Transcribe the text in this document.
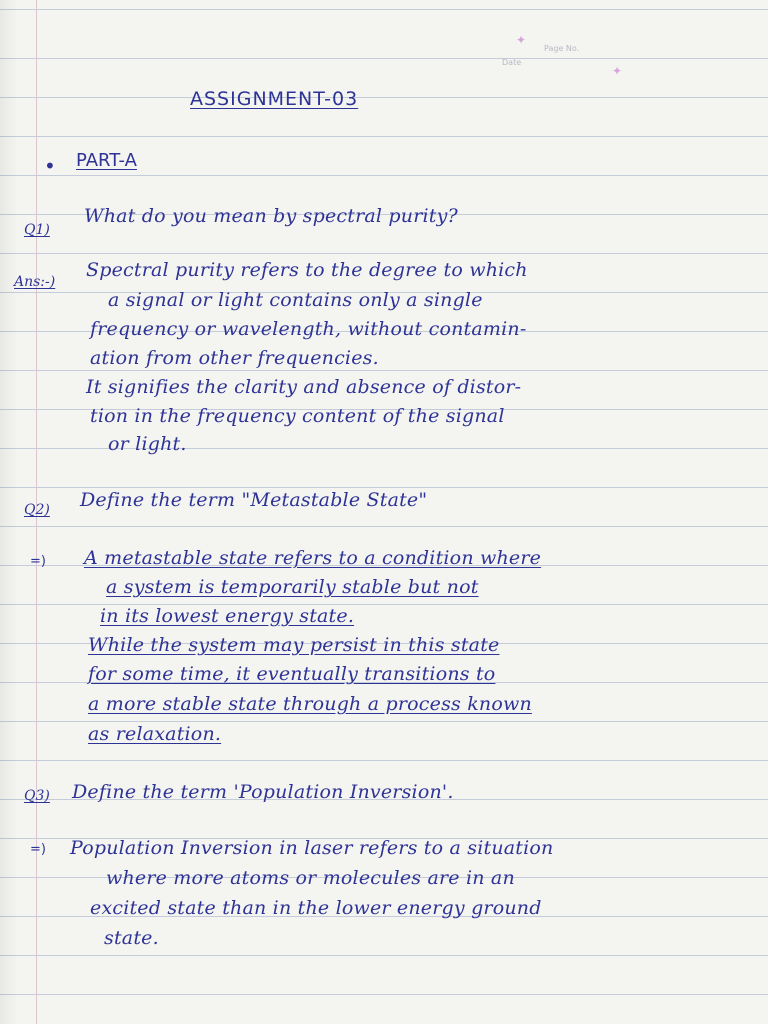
Page No.
Date
✦
✦
ASSIGNMENT-03
• PART-A
Q1)
What do you mean by spectral purity?
Ans:-)
Spectral purity refers to the degree to which
a signal or light contains only a single
frequency or wavelength, without contamin-
ation from other frequencies.
It signifies the clarity and absence of distor-
tion in the frequency content of the signal
or light.
Q2) Define the term "Metastable State"
=) A metastable state refers to a condition where
a system is temporarily stable but not
in its lowest energy state.
While the system may persist in this state
for some time, it eventually transitions to
a more stable state through a process known
as relaxation.
Q3) Define the term 'Population Inversion'.
=) Population Inversion in laser refers to a situation
where more atoms or molecules are in an
excited state than in the lower energy ground
state.
